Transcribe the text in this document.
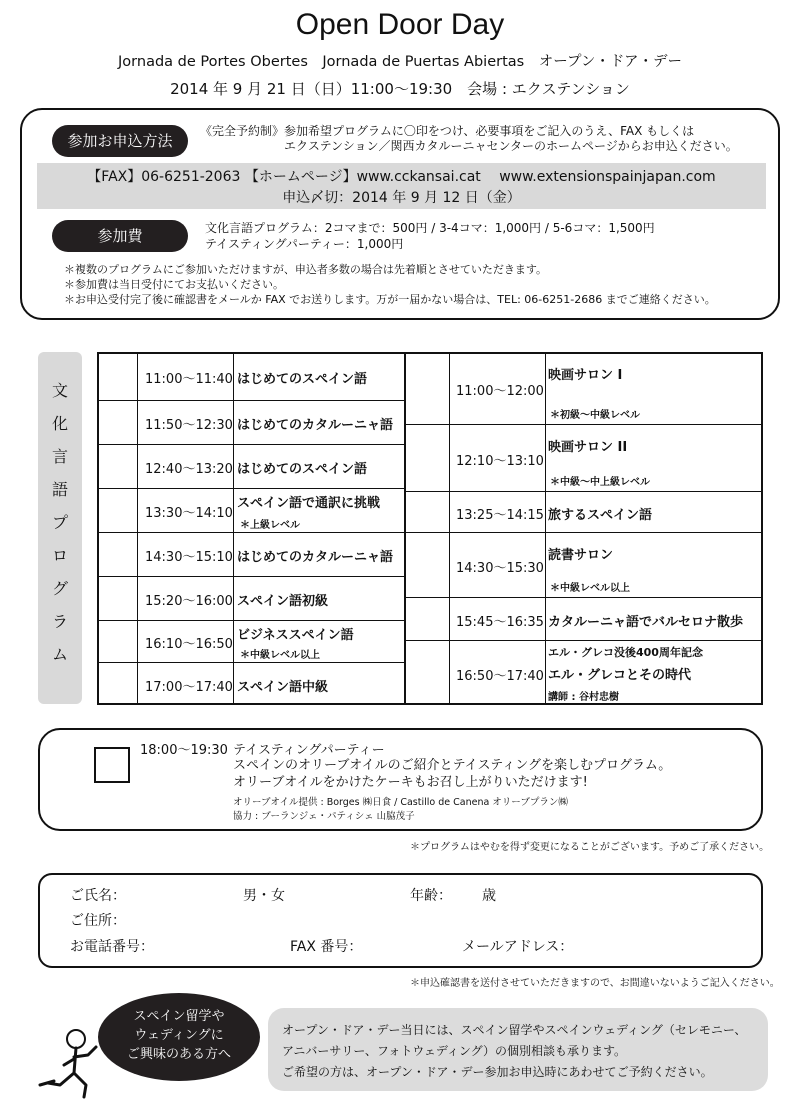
Open Door Day
Jornada de Portes Obertes　Jornada de Puertas Abiertas　オープン・ドア・デー
2014 年 9 月 21 日（日）11:00〜19:30　会場 : エクステンション
参加お申込方法
《完全予約制》参加希望プログラムに〇印をつけ、必要事項をご記入のうえ、FAX もしくは
エクステンション／関西カタルーニャセンターのホームページからお申込ください。
【FAX】06-6251-2063 【ホームページ】www.cckansai.cat　 www.extensionspainjapan.com
申込〆切：2014 年 9 月 12 日（金）
参加費	文化言語プログラム：2コマまで：500円 / 3-4コマ：1,000円 / 5-6コマ：1,500円
テイスティングパーティー：1,000円
＊複数のプログラムにご参加いただけますが、申込者多数の場合は先着順とさせていただきます。
＊参加費は当日受付にてお支払いください。
＊お申込受付完了後に確認書をメールか FAX でお送りします。万が一届かない場合は、TEL: 06-6251-2686 までご連絡ください。
文
化
言
語
プ
ロ
グ
ラ
ム
11:00〜11:40 はじめてのスペイン語
11:50〜12:30 はじめてのカタルーニャ語
12:40〜13:20 はじめてのスペイン語
13:30〜14:10
スペイン語で通訳に挑戦
＊上級レベル
14:30〜15:10 はじめてのカタルーニャ語
15:20〜16:00 スペイン語初級
16:10〜16:50
ビジネススペイン語
＊中級レベル以上
17:00〜17:40 スペイン語中級
11:00〜12:00
映画サロン I
＊初級〜中級レベル
12:10〜13:10
映画サロン II
＊中級〜中上級レベル
13:25〜14:15 旅するスペイン語
14:30〜15:30
読書サロン
＊中級レベル以上
15:45〜16:35 カタルーニャ語でバルセロナ散歩
16:50〜17:40
エル・グレコ没後400周年記念
エル・グレコとその時代
講師 : 谷村忠樹
＊プログラムはやむを得ず変更になることがございます。予めご了承ください。
18:00〜19:30 テイスティングパーティー
スペインのオリーブオイルのご紹介とテイスティングを楽しむプログラム。
オリーブオイルをかけたケーキもお召し上がりいただけます!
オリーブオイル提供 : Borges ㈱日食 / Castillo de Canena オリーブプラン㈱
協力 : ブーランジェ・パティシェ 山脇茂子
ご氏名：	男・女	年齢： 歳
ご住所：
お電話番号：	FAX 番号：	メールアドレス：
＊申込確認書を送付させていただきますので、お間違いないようご記入ください。
スペイン留学や
ウェディングに
ご興味のある方へ
オープン・ドア・デー当日には、スペイン留学やスペインウェディング（セレモニー、
アニバーサリー、フォトウェディング）の個別相談も承ります。
ご希望の方は、オープン・ドア・デー参加お申込時にあわせてご予約ください。
